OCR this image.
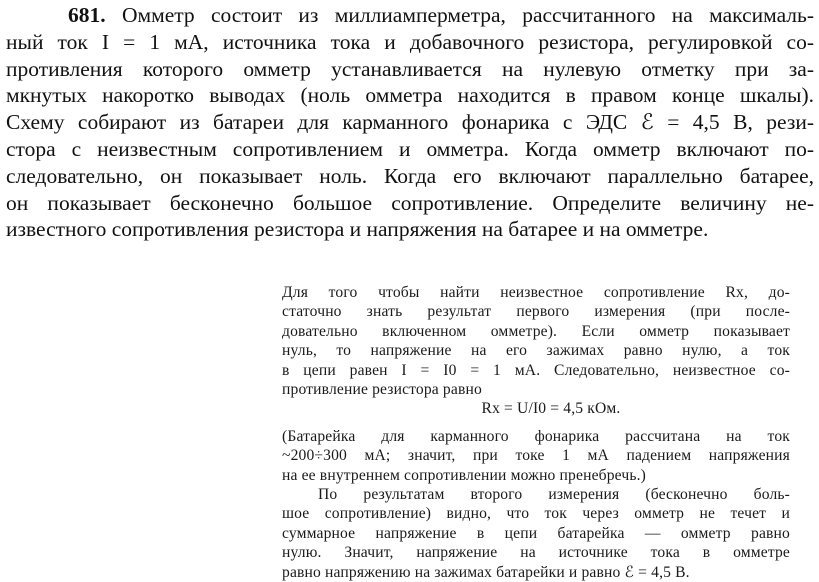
681. Омметр состоит из миллиамперметра, рассчитанного на максималь-
ный ток I = 1 мА, источника тока и добавочного резистора, регулировкой со-
противления которого омметр устанавливается на нулевую отметку при за-
мкнутых накоротко выводах (ноль омметра находится в правом конце шкалы).
Схему собирают из батареи для карманного фонарика с ЭДС ℰ = 4,5 В, рези-
стора с неизвестным сопротивлением и омметра. Когда омметр включают по-
следовательно, он показывает ноль. Когда его включают параллельно батарее,
он показывает бесконечно большое сопротивление. Определите величину не-
известного сопротивления резистора и напряжения на батарее и на омметре.
Для того чтобы найти неизвестное сопротивление Rx, до-
статочно знать результат первого измерения (при после-
довательно включенном омметре). Если омметр показывает
нуль, то напряжение на его зажимах равно нулю, а ток
в цепи равен I = I0 = 1 мА. Следовательно, неизвестное со-
противление резистора равно
Rx = U/I0 = 4,5 кОм.
(Батарейка для карманного фонарика рассчитана на ток
~200÷300 мА; значит, при токе 1 мА падением напряжения
на ее внутреннем сопротивлении можно пренебречь.)
По результатам второго измерения (бесконечно боль-
шое сопротивление) видно, что ток через омметр не течет и
суммарное напряжение в цепи батарейка — омметр равно
нулю. Значит, напряжение на источнике тока в омметре
равно напряжению на зажимах батарейки и равно ℰ = 4,5 В.
